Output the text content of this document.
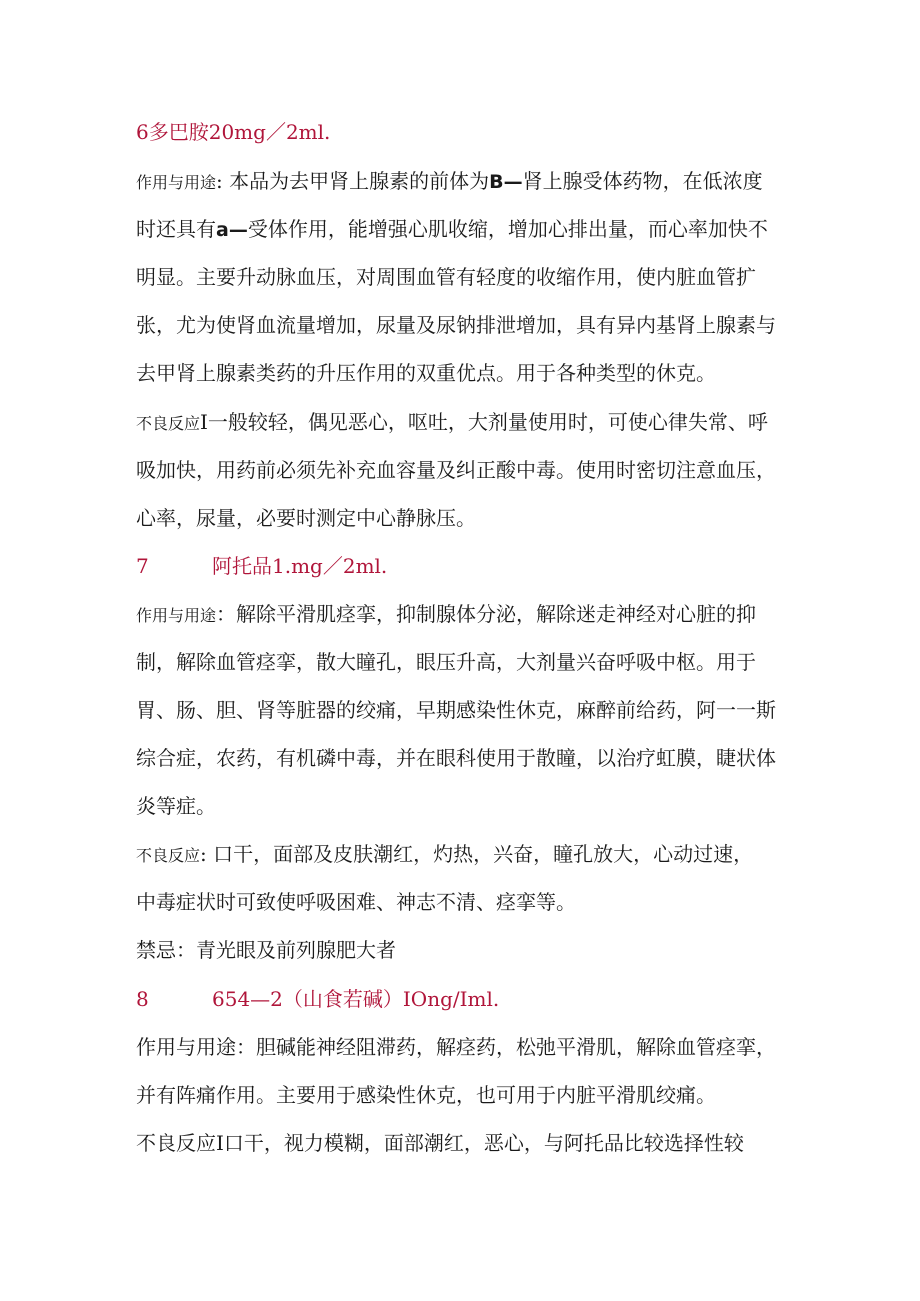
6多巴胺20mg／2ml.
作用与用途: 本品为去甲肾上腺素的前体为B—肾上腺受体药物，在低浓度
时还具有a—受体作用，能增强心肌收缩，增加心排出量，而心率加快不
明显。主要升动脉血压，对周围血管有轻度的收缩作用，使内脏血管扩
张，尤为使肾血流量增加，尿量及尿钠排泄增加，具有异内基肾上腺素与
去甲肾上腺素类药的升压作用的双重优点。用于各种类型的休克。
不良反应I一般较轻，偶见恶心，呕吐，大剂量使用时，可使心律失常、呼
吸加快，用药前必须先补充血容量及纠正酸中毒。使用时密切注意血压，
心率，尿量，必要时测定中心静脉压。
7	阿托品1.mg／2ml.
作用与用途：解除平滑肌痉挛，抑制腺体分泌，解除迷走神经对心脏的抑
制，解除血管痉挛，散大瞳孔，眼压升高，大剂量兴奋呼吸中枢。用于
胃、肠、胆、肾等脏器的绞痛，早期感染性休克，麻醉前给药，阿一一斯
综合症，农药，有机磷中毒，并在眼科使用于散瞳，以治疗虹膜，睫状体
炎等症。
不良反应: 口干，面部及皮肤潮红，灼热，兴奋，瞳孔放大，心动过速，
中毒症状时可致使呼吸困难、神志不清、痉挛等。
禁忌：青光眼及前列腺肥大者
8	654—2（山食若碱）IOng/Iml.
作用与用途：胆碱能神经阻滞药，解痉药，松弛平滑肌，解除血管痉挛，
并有阵痛作用。主要用于感染性休克，也可用于内脏平滑肌绞痛。
不良反应I口干，视力模糊，面部潮红，恶心，与阿托品比较选择性较
